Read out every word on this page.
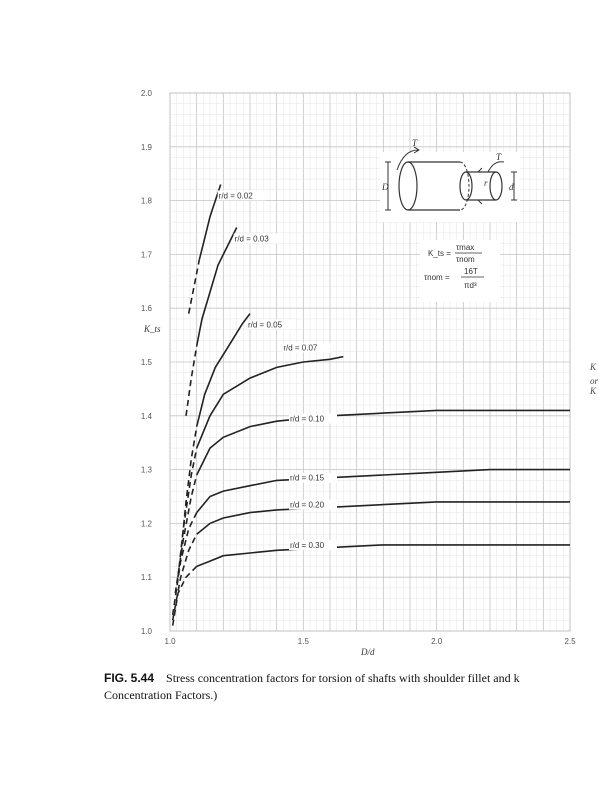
1.0
1.1
1.2
1.3
1.4
1.5
1.6
1.7
1.8
1.9
2.0
1.0	1.5	2.0	2.5
r/d = 0.02
r/d = 0.03
r/d = 0.05
r/d = 0.07
r/d = 0.10
r/d = 0.15
r/d = 0.20
r/d = 0.30
K_ts
D/d
D	d
T
T
r
K_ts =
τmax
τnom
τnom =
16T
πd³
K
or
K
FIG. 5.44 Stress concentration factors for torsion of shafts with shoulder fillet and k
Concentration Factors.)
